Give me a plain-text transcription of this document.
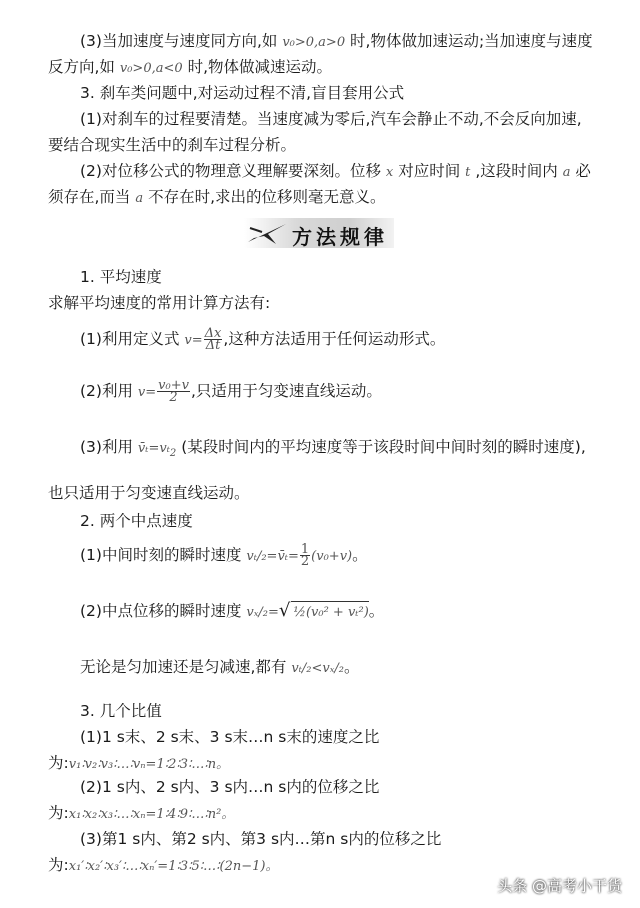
(3)当加速度与速度同方向,如 v₀>0,a>0 时,物体做加速运动;当加速度与速度
反方向,如 v₀>0,a<0 时,物体做减速运动。
3. 刹车类问题中,对运动过程不清,盲目套用公式
(1)对刹车的过程要清楚。当速度减为零后,汽车会静止不动,不会反向加速,
要结合现实生活中的刹车过程分析。
(2)对位移公式的物理意义理解要深刻。位移 x 对应时间 t ,这段时间内 a 必
须存在,而当 a 不存在时,求出的位移则毫无意义。
方法规律
1. 平均速度
求解平均速度的常用计算方法有:
(1)利用定义式 $v= \frac{\Delta x}{\Delta t}$ ,这种方法适用于任何运动形式。
(2)利用 $v= \frac{\text{v₀+v}}{2}$ ,只适用于匀变速直线运动。
(3)利用 v̄ₜ=vₜ$_2$ (某段时间内的平均速度等于该段时间中间时刻的瞬时速度),
也只适用于匀变速直线运动。
2. 两个中点速度
(1)中间时刻的瞬时速度 vₜ/₂=v̄ₜ= $\frac{1}{2} (v_0+v)$。
(2)中点位移的瞬时速度 vₓ/₂=√ ½(v₀² + vₜ²)。
无论是匀加速还是匀减速,都有 vₜ/₂<vₓ/₂。
3. 几个比值
(1)1 s末、2 s末、3 s末…n s末的速度之比
为:v₁∶v₂∶v₃∶…∶vₙ=1∶2∶3∶…∶n。
(2)1 s内、2 s内、3 s内…n s内的位移之比
为:x₁∶x₂∶x₃∶…∶xₙ=1∶4∶9∶…∶n²。
(3)第1 s内、第2 s内、第3 s内…第n s内的位移之比
为:x₁′∶x₂′∶x₃′∶…∶xₙ′=1∶3∶5∶…∶(2n−1)。
头条 @高考小干货
